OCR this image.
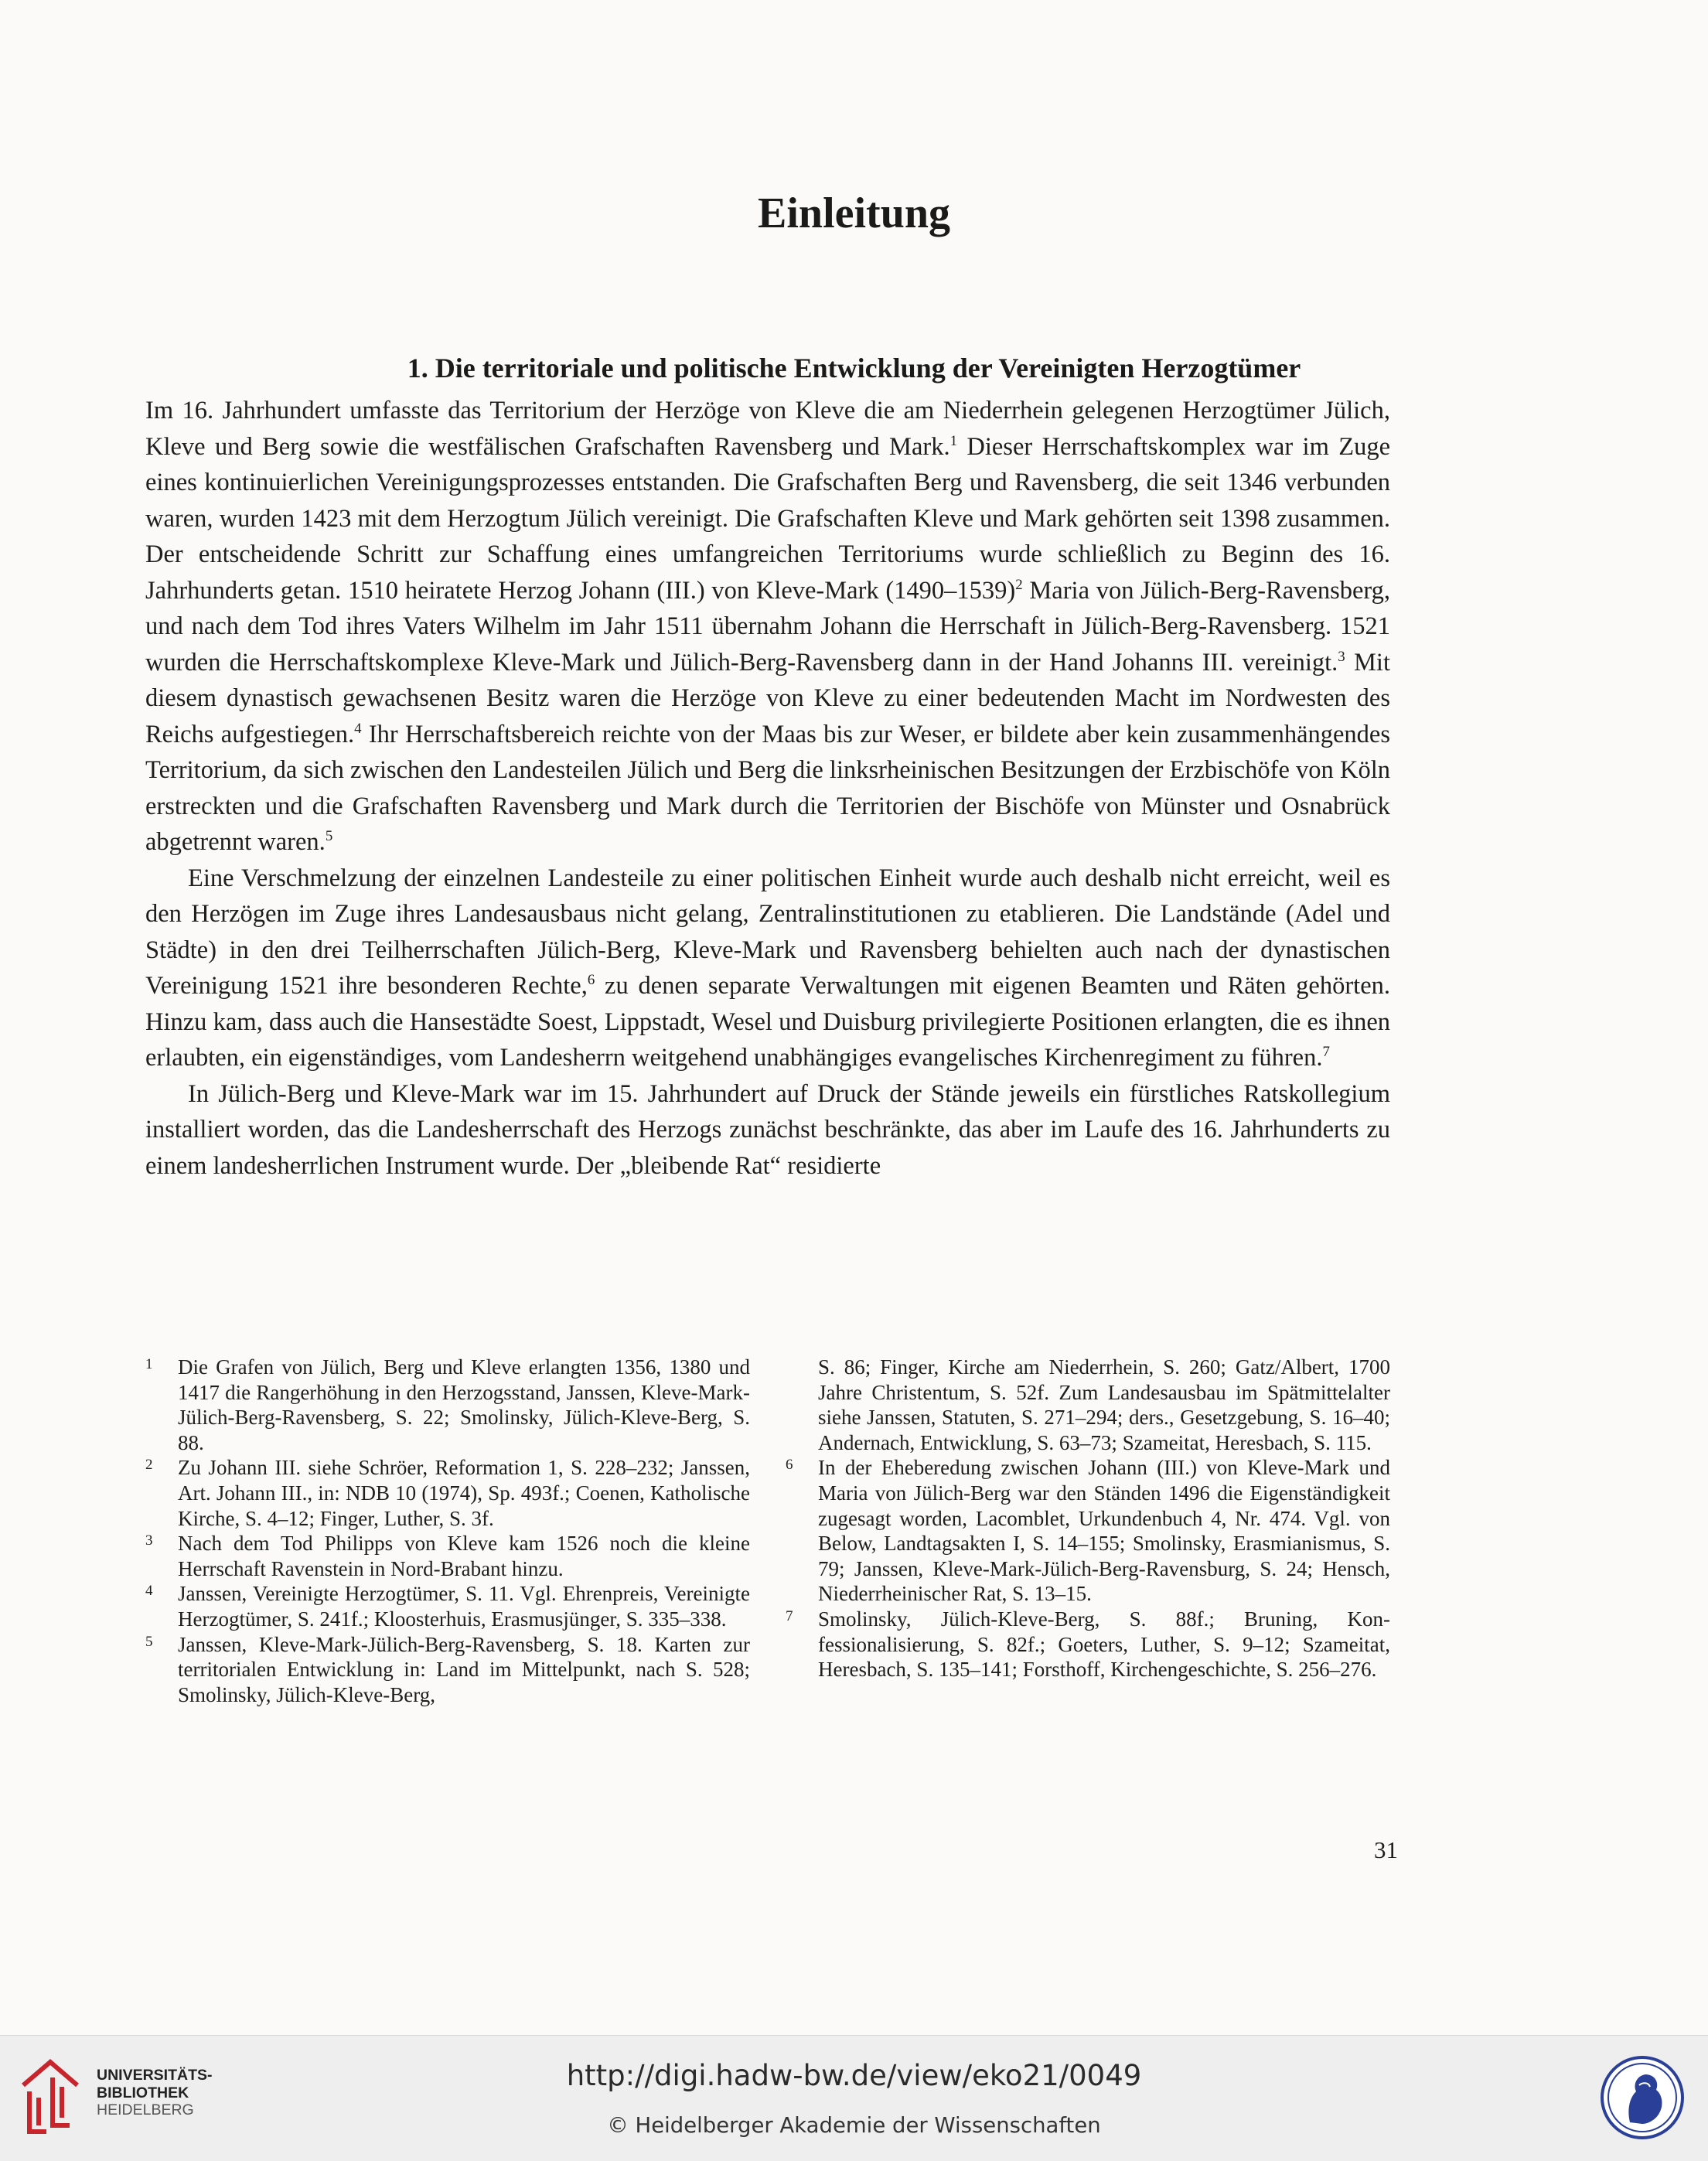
Einleitung
1. Die territoriale und politische Entwicklung der Vereinigten Herzogtümer

Im 16. Jahrhundert umfasste das Territorium der Herzöge von Kleve die am Niederrhein gelegenen Herzogtümer Jülich, Kleve und Berg sowie die westfälischen Grafschaften Ravensberg und Mark.$^1$ Dieser Herrschaftskomplex war im Zuge eines kontinuierlichen Vereinigungsprozesses entstanden. Die Grafschaften Berg und Ravensberg, die seit 1346 verbunden waren, wurden 1423 mit dem Herzogtum Jülich vereinigt. Die Grafschaften Kleve und Mark gehörten seit 1398 zusammen. Der entscheidende Schritt zur Schaffung eines umfangreichen Territoriums wurde schließlich zu Beginn des 16. Jahrhunderts getan. 1510 heiratete Herzog Johann (III.) von Kleve-Mark (1490–1539)$^2$ Maria von Jülich-Berg-Ravensberg, und nach dem Tod ihres Vaters Wilhelm im Jahr 1511 übernahm Johann die Herrschaft in Jülich-Berg-Ravensberg. 1521 wurden die Herrschaftskomplexe Kleve-Mark und Jülich-Berg-Ravensberg dann in der Hand Johanns III. vereinigt.$^3$ Mit diesem dynastisch gewachsenen Besitz waren die Herzöge von Kleve zu einer bedeutenden Macht im Nordwesten des Reichs aufgestiegen.$^4$ Ihr Herrschaftsbereich reichte von der Maas bis zur Weser, er bildete aber kein zusammenhängendes Territorium, da sich zwischen den Landesteilen Jülich und Berg die linksrheinischen Besitzungen der Erzbischöfe von Köln erstreckten und die Grafschaften Ravensberg und Mark durch die Territorien der Bischöfe von Münster und Osnabrück abgetrennt waren.$^5$

Eine Verschmelzung der einzelnen Landesteile zu einer politischen Einheit wurde auch deshalb nicht erreicht, weil es den Herzögen im Zuge ihres Landesausbaus nicht gelang, Zentralinstitutionen zu etablieren. Die Landstände (Adel und Städte) in den drei Teilherrschaften Jülich-Berg, Kleve-Mark und Ravensberg behielten auch nach der dynastischen Vereinigung 1521 ihre besonderen Rechte,$^6$ zu denen separate Verwaltungen mit eigenen Beamten und Räten gehörten. Hinzu kam, dass auch die Hansestädte Soest, Lippstadt, Wesel und Duisburg privilegierte Positionen erlangten, die es ihnen erlaubten, ein eigenständiges, vom Landesherrn weitgehend unabhängiges evangelisches Kirchenregiment zu führen.$^7$

In Jülich-Berg und Kleve-Mark war im 15. Jahrhundert auf Druck der Stände jeweils ein fürstliches Ratskollegium installiert worden, das die Landesherrschaft des Herzogs zunächst beschränkte, das aber im Laufe des 16. Jahrhunderts zu einem landesherrlichen Instrument wurde. Der „bleibende Rat“ residierte

1	Die Grafen von Jülich, Berg und Kleve erlangten 1356, 1380 und 1417 die Rangerhöhung in den Herzogsstand, Janssen, Kleve-Mark-Jülich-Berg-Ravensberg, S. 22; Smolinsky, Jülich-Kleve-Berg, S. 88.
2	Zu Johann III. siehe Schröer, Reformation 1, S. 228–232; Janssen, Art. Johann III., in: NDB 10 (1974), Sp. 493f.; Coenen, Katholische Kirche, S. 4–12; Finger, Luther, S. 3f.
3	Nach dem Tod Philipps von Kleve kam 1526 noch die kleine Herrschaft Ravenstein in Nord-Brabant hinzu.
4	Janssen, Vereinigte Herzogtümer, S. 11. Vgl. Ehrenpreis, Vereinigte Herzogtümer, S. 241f.; Kloosterhuis, Erasmusjünger, S. 335–338.
5	Janssen, Kleve-Mark-Jülich-Berg-Ravensberg, S. 18. Karten zur territorialen Entwicklung in: Land im Mittelpunkt, nach S. 528; Smolinsky, Jülich-Kleve-Berg,
S. 86; Finger, Kirche am Niederrhein, S. 260; Gatz/Albert, 1700 Jahre Christentum, S. 52f. Zum Landesausbau im Spätmittelalter siehe Janssen, Statuten, S. 271–294; ders., Gesetzgebung, S. 16–40; Andernach, Entwicklung, S. 63–73; Szameitat, Heresbach, S. 115.
6	In der Eheberedung zwischen Johann (III.) von Kleve-Mark und Maria von Jülich-Berg war den Ständen 1496 die Eigenständigkeit zugesagt worden, Lacomblet, Urkundenbuch 4, Nr. 474. Vgl. von Below, Landtagsakten I, S. 14–155; Smolinsky, Erasmianismus, S. 79; Janssen, Kleve-Mark-Jülich-Berg-Ravensburg, S. 24; Hensch, Niederrheinischer Rat, S. 13–15.
7	Smolinsky, Jülich-Kleve-Berg, S. 88f.; Bruning, Konfessionalisierung, S. 82f.; Goeters, Luther, S. 9–12; Szameitat, Heresbach, S. 135–141; Forsthoff, Kirchengeschichte, S. 256–276.
31
UNIVERSITÄTS-
BIBLIOTHEK
HEIDELBERG
http://digi.hadw-bw.de/view/eko21/0049
© Heidelberger Akademie der Wissenschaften
